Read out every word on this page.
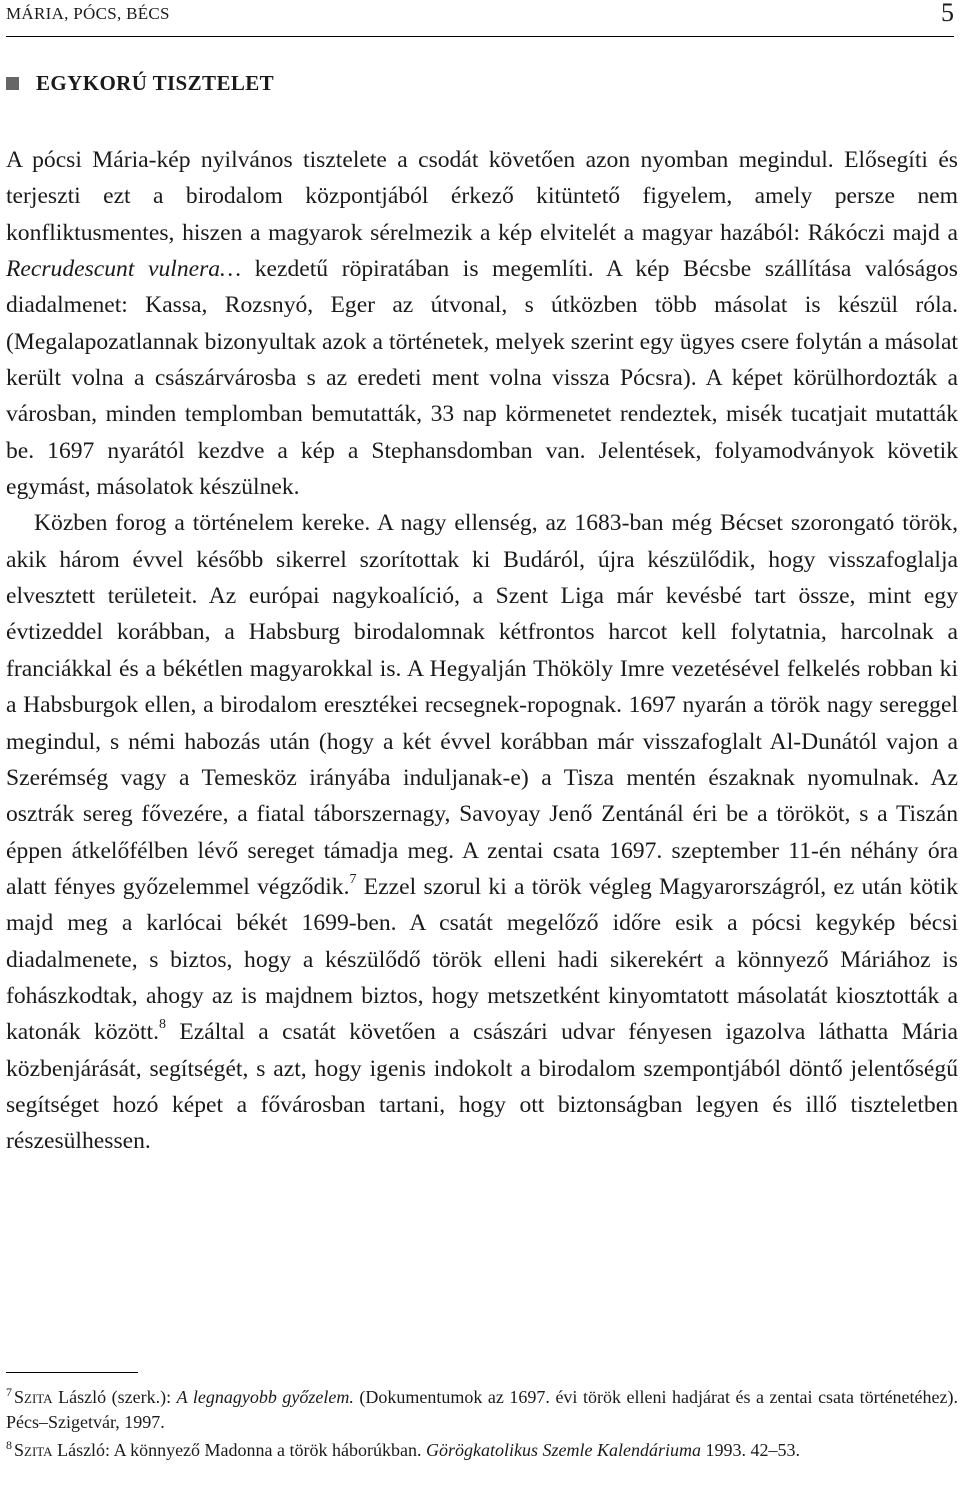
MÁRIA, PÓCS, BÉCS	5
EGYKORÚ TISZTELET

A pócsi Mária-kép nyilvános tisztelete a csodát követően azon nyomban megindul. Elősegíti és terjeszti ezt a birodalom központjából érkező kitüntető figyelem, amely persze nem konfliktusmentes, hiszen a magyarok sérelmezik a kép elvitelét a magyar hazából: Rákóczi majd a Recrudescunt vulnera… kezdetű röpiratában is megemlíti. A kép Bécsbe szállítása valóságos diadalmenet: Kassa, Rozsnyó, Eger az útvonal, s útközben több másolat is készül róla. (Megalapozatlannak bizonyultak azok a történetek, melyek szerint egy ügyes csere folytán a másolat került volna a császárvárosba s az eredeti ment volna vissza Pócsra). A képet körülhordozták a városban, minden templomban bemutatták, 33 nap körmenetet rendeztek, misék tucatjait mutatták be. 1697 nyarától kezdve a kép a Stephansdomban van. Jelentések, folyamodványok követik egymást, másolatok készülnek.

Közben forog a történelem kereke. A nagy ellenség, az 1683-ban még Bécset szorongató török, akik három évvel később sikerrel szorítottak ki Budáról, újra készülődik, hogy visszafoglalja elvesztett területeit. Az európai nagykoalíció, a Szent Liga már kevésbé tart össze, mint egy évtizeddel korábban, a Habsburg birodalomnak kétfrontos harcot kell folytatnia, harcolnak a franciákkal és a békétlen magyarokkal is. A Hegyalján Thököly Imre vezetésével felkelés robban ki a Habsburgok ellen, a birodalom eresztékei recsegnek-ropognak. 1697 nyarán a török nagy sereggel megindul, s némi habozás után (hogy a két évvel korábban már visszafoglalt Al-Dunától vajon a Szerémség vagy a Temesköz irányába induljanak-e) a Tisza mentén északnak nyomulnak. Az osztrák sereg fővezére, a fiatal táborszernagy, Savoyay Jenő Zentánál éri be a törököt, s a Tiszán éppen átkelőfélben lévő sereget támadja meg. A zentai csata 1697. szeptember 11-én néhány óra alatt fényes győzelemmel végződik.$^7$ Ezzel szorul ki a török végleg Magyarországról, ez után kötik majd meg a karlócai békét 1699-ben. A csatát megelőző időre esik a pócsi kegykép bécsi diadalmenete, s biztos, hogy a készülődő török elleni hadi sikerekért a könnyező Máriához is fohászkodtak, ahogy az is majdnem biztos, hogy metszetként kinyomtatott másolatát kiosztották a katonák között.$^8$ Ezáltal a csatát követően a császári udvar fényesen igazolva láthatta Mária közbenjárását, segítségét, s azt, hogy igenis indokolt a birodalom szempontjából döntő jelentőségű segítséget hozó képet a fővárosban tartani, hogy ott biztonságban legyen és illő tiszteletben részesülhessen.

$^7$ Szita László (szerk.): A legnagyobb győzelem. (Dokumentumok az 1697. évi török elleni hadjárat és a zentai csata történetéhez). Pécs–Szigetvár, 1997.

$^8$ Szita László: A könnyező Madonna a török háborúkban. Görögkatolikus Szemle Kalendáriuma 1993. 42–53.
